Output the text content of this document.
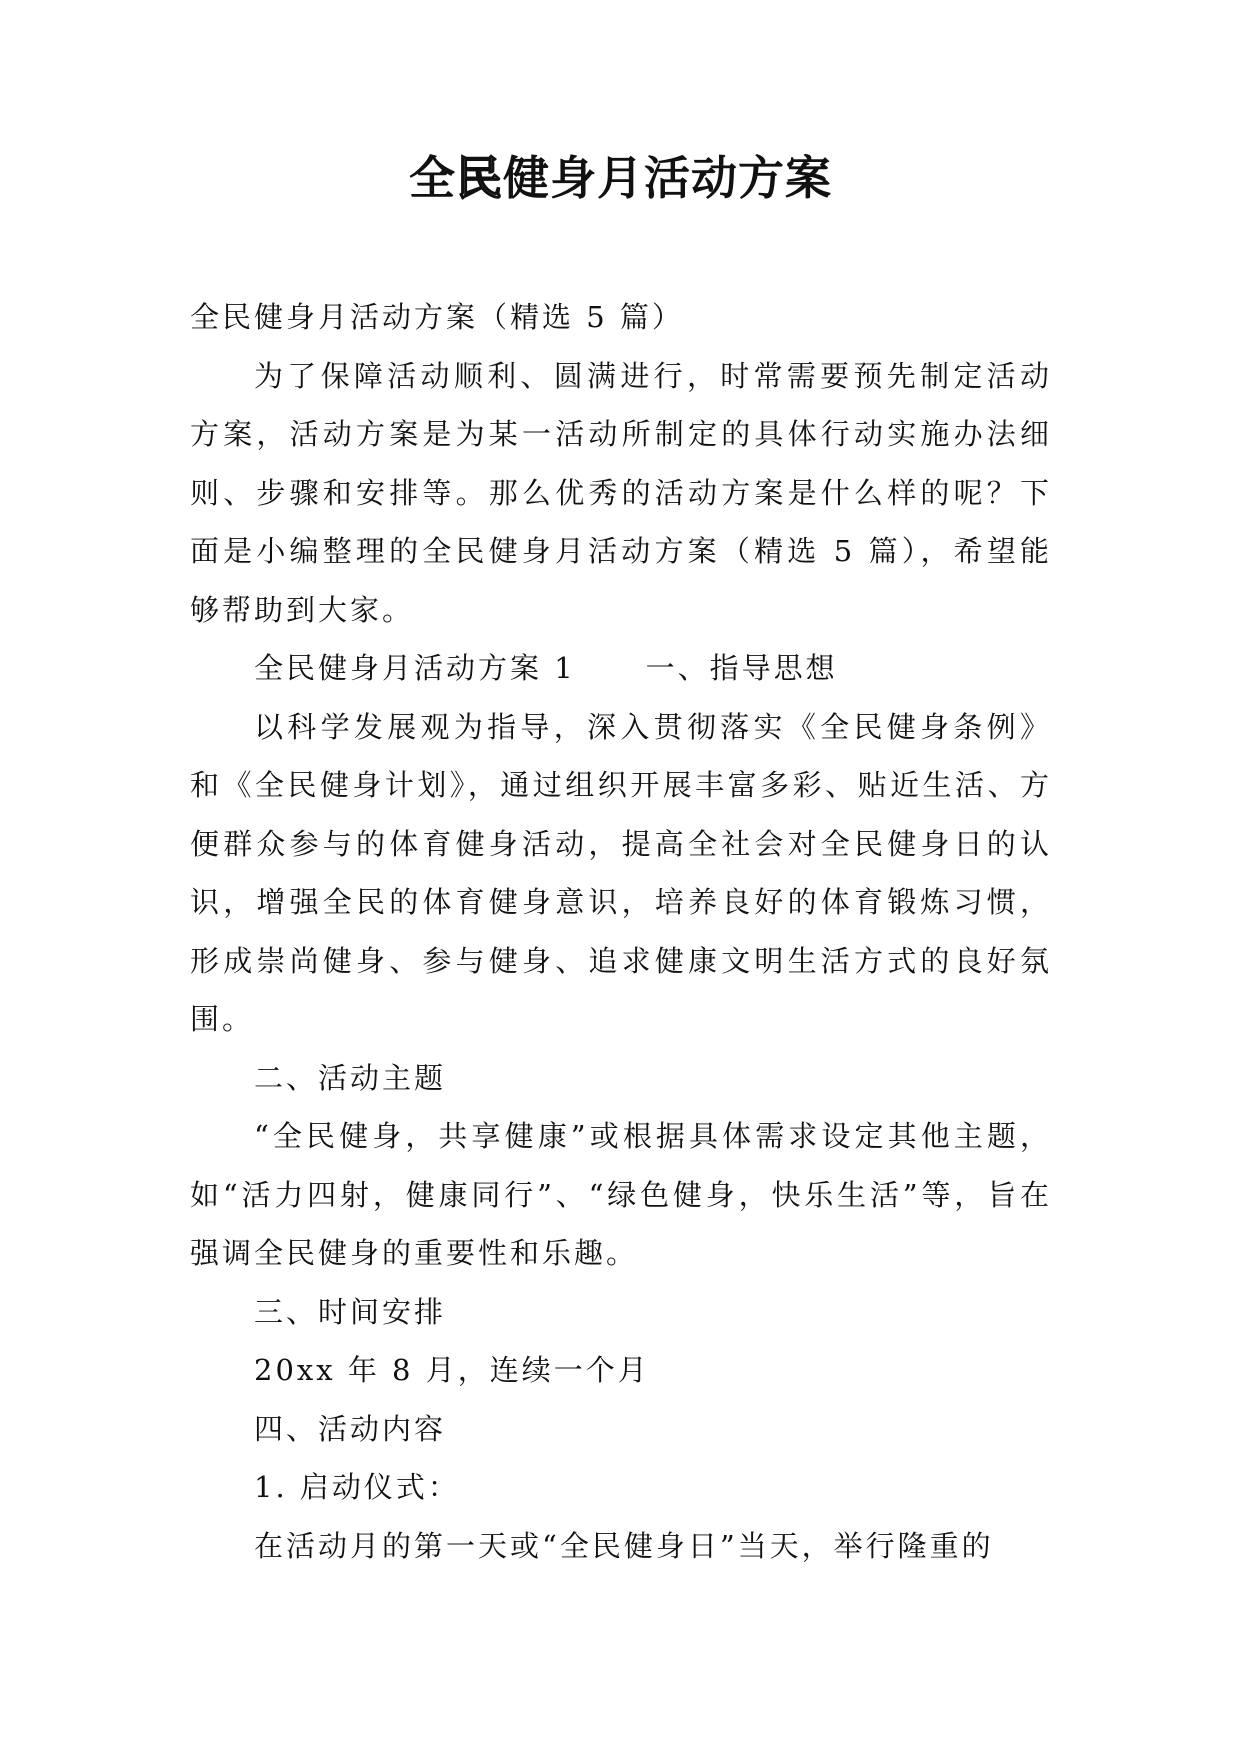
全民健身月活动方案

全民健身月活动方案（精选 5 篇）

为了保障活动顺利、圆满进行，时常需要预先制定活动方案，活动方案是为某一活动所制定的具体行动实施办法细则、步骤和安排等。那么优秀的活动方案是什么样的呢？下面是小编整理的全民健身月活动方案（精选 5 篇），希望能够帮助到大家。

全民健身月活动方案 1 一、指导思想

以科学发展观为指导，深入贯彻落实《全民健身条例》和《全民健身计划》，通过组织开展丰富多彩、贴近生活、方便群众参与的体育健身活动，提高全社会对全民健身日的认识，增强全民的体育健身意识，培养良好的体育锻炼习惯，形成崇尚健身、参与健身、追求健康文明生活方式的良好氛围。

二、活动主题

“全民健身，共享健康”或根据具体需求设定其他主题，如“活力四射，健康同行”、“绿色健身，快乐生活”等，旨在强调全民健身的重要性和乐趣。

三、时间安排

20xx 年 8 月，连续一个月

四、活动内容

1. 启动仪式：

在活动月的第一天或“全民健身日”当天，举行隆重的
